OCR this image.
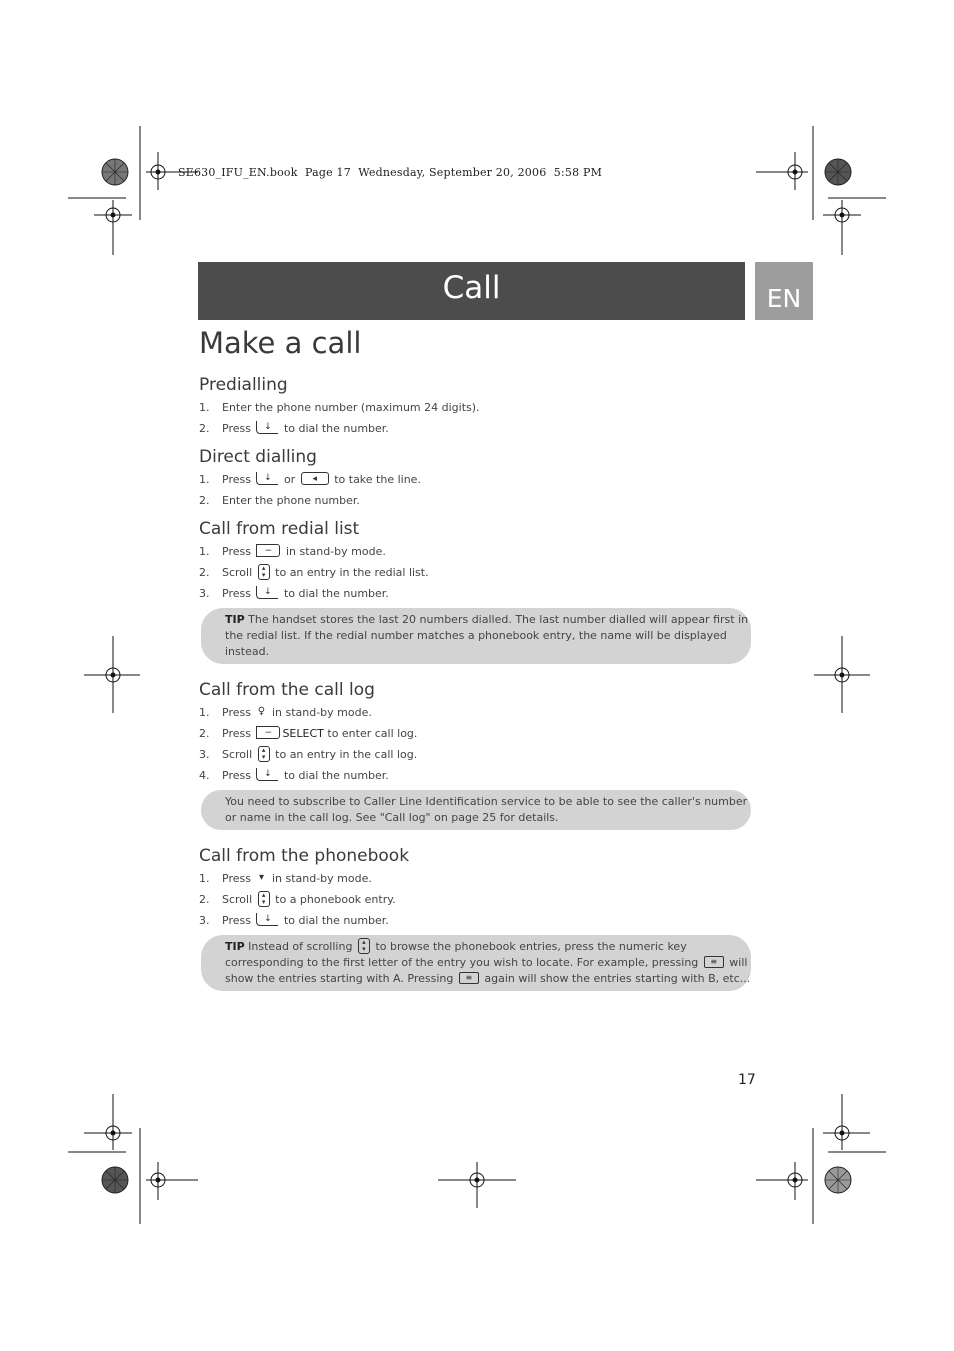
SE630_IFU_EN.book  Page 17  Wednesday, September 20, 2006  5:58 PM
Call	EN
Make a call
Predialling
1.	Enter the phone number (maximum 24 digits).
2.	Press ↓ to dial the number.
Direct dialling
1.	Press ↓ or ◂ to take the line.
2.	Enter the phone number.
Call from redial list
1.	Press − in stand-by mode.
2.	Scroll ▴
▾ to an entry in the redial list.
3.	Press ↓ to dial the number.
TIP The handset stores the last 20 numbers dialled. The last number dialled will appear first in the redial list. If the redial number matches a phonebook entry, the name will be displayed instead.
Call from the call log
1.	Press ♀ in stand-by mode.
2.	Press − SELECT to enter call log.
3.	Scroll ▴
▾ to an entry in the call log.
4.	Press ↓ to dial the number.
You need to subscribe to Caller Line Identification service to be able to see the caller's number or name in the call log. See "Call log" on page 25 for details.
Call from the phonebook
1.	Press ▾ in stand-by mode.
2.	Scroll ▴
▾ to a phonebook entry.
3.	Press ↓ to dial the number.
TIP Instead of scrolling ▴
▾ to browse the phonebook entries, press the numeric key corresponding to the first letter of the entry you wish to locate. For example, pressing ≡ will show the entries starting with A. Pressing ≡ again will show the entries starting with B, etc...
17
